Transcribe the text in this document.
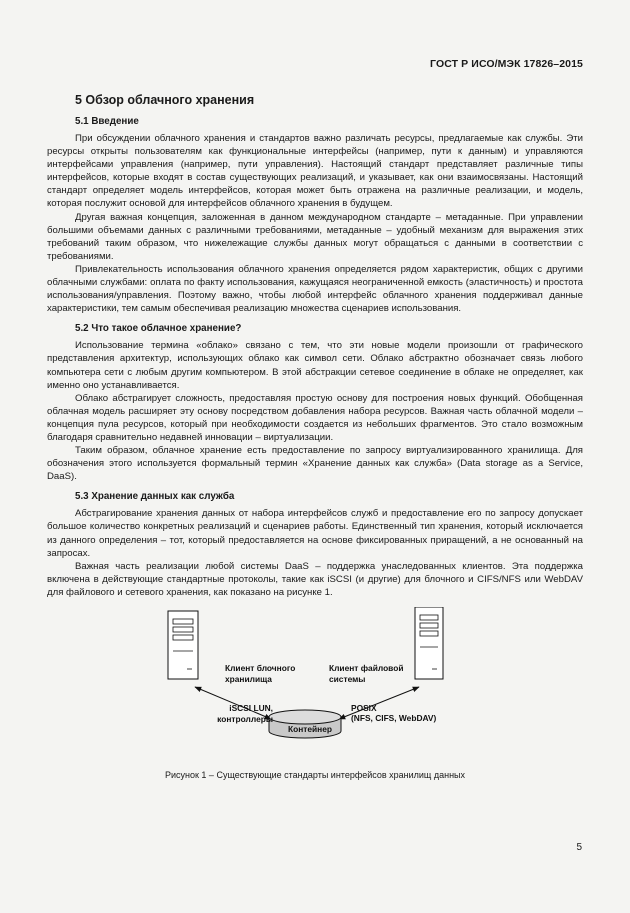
ГОСТ Р ИСО/МЭК 17826–2015
5 Обзор облачного хранения
5.1 Введение

При обсуждении облачного хранения и стандартов важно различать ресурсы, предлагаемые как службы. Эти ресурсы открыты пользователям как функциональные интерфейсы (например, пути к данным) и управляются интерфейсами управления (например, пути управления). Настоящий стандарт представляет различные типы интерфейсов, которые входят в состав существующих реализаций, и указывает, как они взаимосвязаны. Настоящий стандарт определяет модель интерфейсов, которая может быть отражена на различные реализации, и модель, которая послужит основой для интерфейсов облачного хранения в будущем.

Другая важная концепция, заложенная в данном международном стандарте – метаданные. При управлении большими объемами данных с различными требованиями, метаданные – удобный механизм для выражения этих требований таким образом, что нижележащие службы данных могут обращаться с данными в соответствии с требованиями.

Привлекательность использования облачного хранения определяется рядом характеристик, общих с другими облачными службами: оплата по факту использования, кажущаяся неограниченной емкость (эластичность) и простота использования/управления. Поэтому важно, чтобы любой интерфейс облачного хранения поддерживал данные характеристики, тем самым обеспечивая реализацию множества сценариев использования.

5.2 Что такое облачное хранение?

Использование термина «облако» связано с тем, что эти новые модели произошли от графического представления архитектур, использующих облако как символ сети. Облако абстрактно обозначает связь любого компьютера сети с любым другим компьютером. В этой абстракции сетевое соединение в облаке не определяет, как именно оно устанавливается.

Облако абстрагирует сложность, предоставляя простую основу для построения новых функций. Обобщенная облачная модель расширяет эту основу посредством добавления набора ресурсов. Важная часть облачной модели – концепция пула ресурсов, который при необходимости создается из небольших фрагментов. Это стало возможным благодаря сравнительно недавней инновации – виртуализации.

Таким образом, облачное хранение есть предоставление по запросу виртуализированного хранилища. Для обозначения этого используется формальный термин «Хранение данных как служба» (Data storage as a Service, DaaS).

5.3 Хранение данных как служба

Абстрагирование хранения данных от набора интерфейсов служб и предоставление его по запросу допускает большое количество конкретных реализаций и сценариев работы. Единственный тип хранения, который исключается из данного определения – тот, который предоставляется на основе фиксированных приращений, а не основанный на запросах.

Важная часть реализации любой системы DaaS – поддержка унаследованных клиентов. Эта поддержка включена в действующие стандартные протоколы, такие как iSCSI (и другие) для блочного и CIFS/NFS или WebDAV для файлового и сетевого хранения, как показано на рисунке 1.

Клиент блочного хранилища
Клиент файловой системы
iSCSI LUN, контроллеры
POSIX
(NFS, CIFS, WebDAV)
Контейнер
Рисунок 1 – Существующие стандарты интерфейсов хранилищ данных
5
